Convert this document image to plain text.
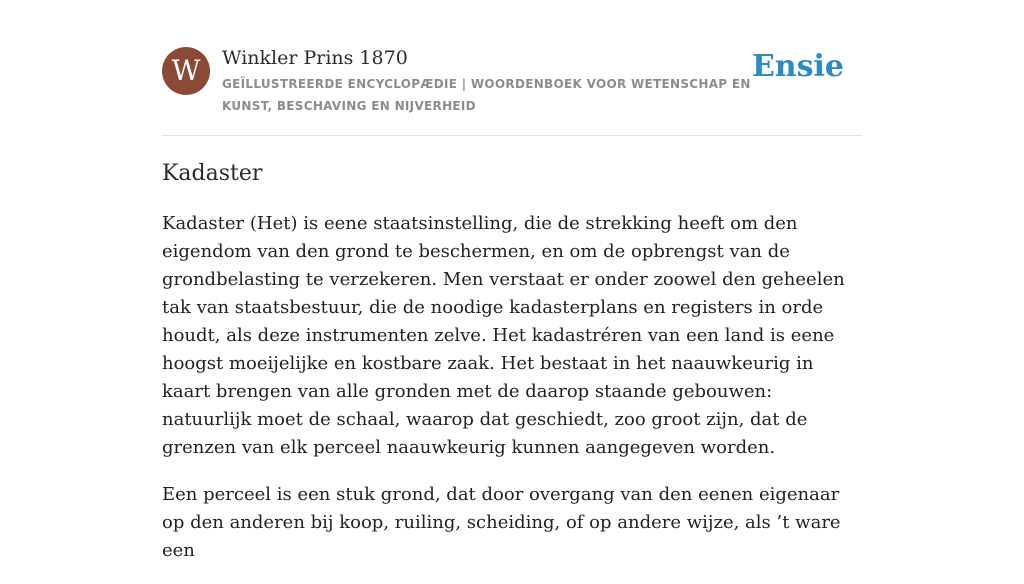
W Winkler Prins 1870
GEÏLLUSTREERDE ENCYCLOPÆDIE | WOORDENBOEK VOOR WETENSCHAP EN KUNST, BESCHAVING EN NIJVERHEID
Ensie
Kadaster

Kadaster (Het) is eene staatsinstelling, die de strekking heeft om den eigendom van den grond te beschermen, en om de opbrengst van de grondbelasting te verzekeren. Men verstaat er onder zoowel den geheelen tak van staatsbestuur, die de noodige kadasterplans en registers in orde houdt, als deze instrumenten zelve. Het kadastréren van een land is eene hoogst moeijelijke en kostbare zaak. Het bestaat in het naauwkeurig in kaart brengen van alle gronden met de daarop staande gebouwen: natuurlijk moet de schaal, waarop dat geschiedt, zoo groot zijn, dat de grenzen van elk perceel naauwkeurig kunnen aangegeven worden.

Een perceel is een stuk grond, dat door overgang van den eenen eigenaar op den anderen bij koop, ruiling, scheiding, of op andere wijze, als ’t ware een
